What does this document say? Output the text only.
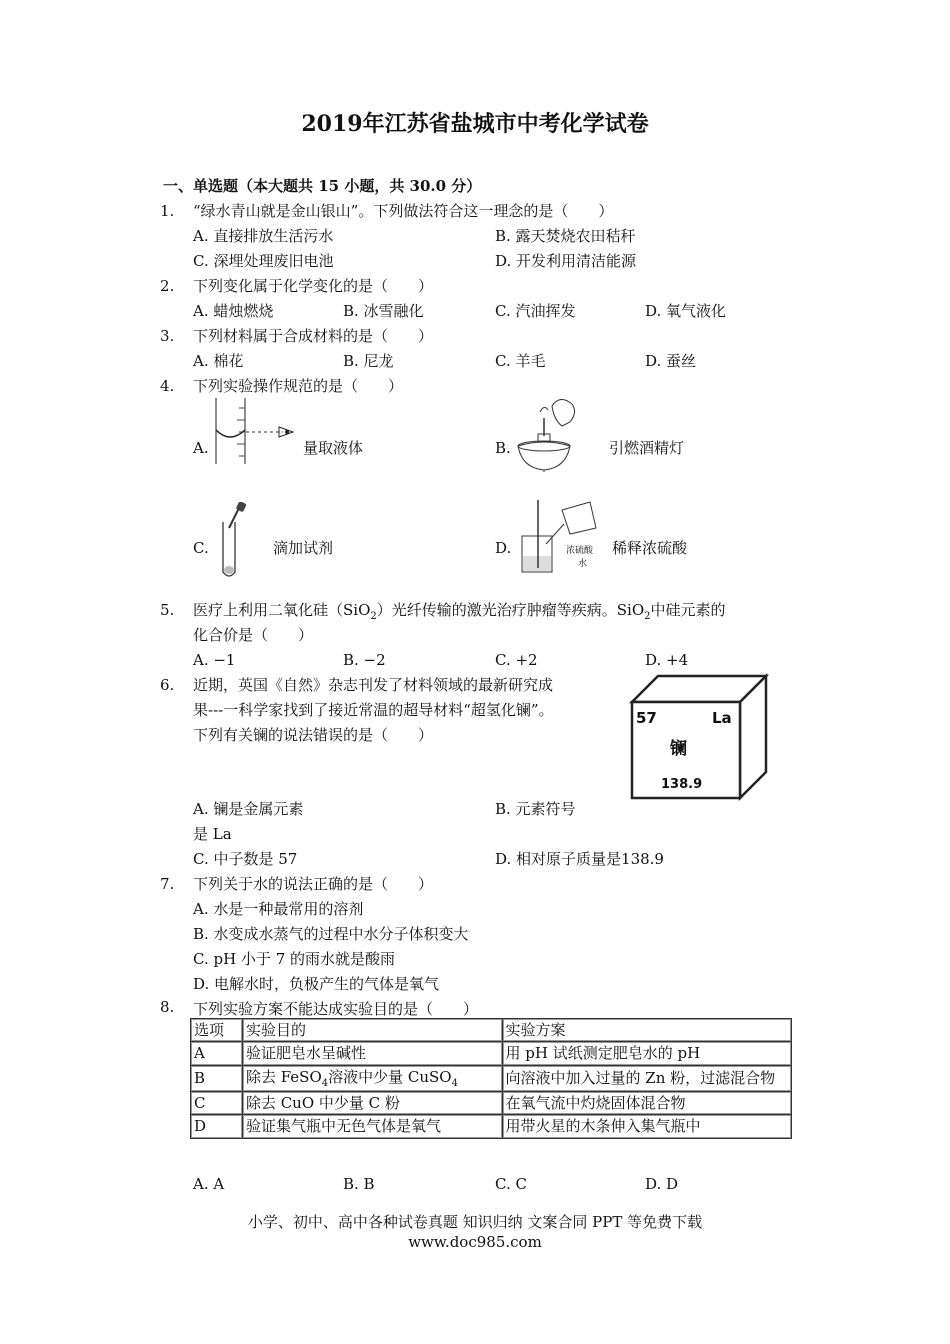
2019年江苏省盐城市中考化学试卷
一、单选题（本大题共 15 小题，共 30.0 分）
1. “绿水青山就是金山银山”。下列做法符合这一理念的是（　　）
A. 直接排放生活污水	B. 露天焚烧农田秸秆
C. 深埋处理废旧电池	D. 开发利用清洁能源
2. 下列变化属于化学变化的是（　　）
A. 蜡烛燃烧	B. 冰雪融化	C. 汽油挥发	D. 氧气液化
3. 下列材料属于合成材料的是（　　）
A. 棉花	B. 尼龙	C. 羊毛	D. 蚕丝
4. 下列实验操作规范的是（　　）
A.	量取液体	B.	引燃酒精灯
C.	滴加试剂	D.	浓硫酸
水
稀释浓硫酸
5. 医疗上利用二氧化硅（SiO$_2$）光纤传输的激光治疗肿瘤等疾病。SiO$_2$中硅元素的
化合价是（　　）
A. −1	B. −2	C. +2	D. +4
6. 近期，英国《自然》杂志刊发了材料领域的最新研究成
果---一科学家找到了接近常温的超导材料“超氢化镧”。
下列有关镧的说法错误的是（　　）
57	La
镧
138.9
A. 镧是金属元素	B. 元素符号
是 La
C. 中子数是 57	D. 相对原子质量是138.9
7. 下列关于水的说法正确的是（　　）
A. 水是一种最常用的溶剂
B. 水变成水蒸气的过程中水分子体积变大
C. pH 小于 7 的雨水就是酸雨
D. 电解水时，负极产生的气体是氧气
8. 下列实验方案不能达成实验目的是（　　）
选项	实验目的	实验方案
A	验证肥皂水呈碱性	用 pH 试纸测定肥皂水的 pH
B	除去 FeSO$_4$溶液中少量 CuSO$_4$	向溶液中加入过量的 Zn 粉，过滤混合物
C	除去 CuO 中少量 C 粉	在氧气流中灼烧固体混合物
D	验证集气瓶中无色气体是氧气	用带火星的木条伸入集气瓶中
A. A	B. B	C. C	D. D
小学、初中、高中各种试卷真题 知识归纳 文案合同 PPT 等免费下载
www.doc985.com
